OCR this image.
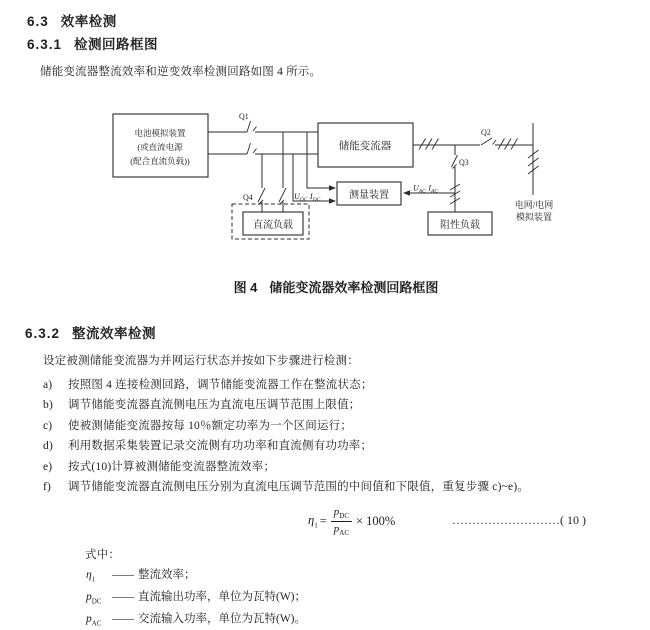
6.3 效率检测
6.3.1 检测回路框图
储能变流器整流效率和逆变效率检测回路如图 4 所示。
电池模拟装置
(或直流电源
(配合直流负载))
Q1
储能变流器
Q4
直流负载
测量装置
$U_{DC}$ $I_{DC}$
Q2
Q3
$U_{AC}$ $I_{AC}$
阻性负载
电网/电网
模拟装置
图 4 储能变流器效率检测回路框图
6.3.2 整流效率检测
设定被测储能变流器为并网运行状态并按如下步骤进行检测：
a) 按照图 4 连接检测回路，调节储能变流器工作在整流状态；
b) 调节储能变流器直流侧电压为直流电压调节范围上限值；
c) 使被测储能变流器按每 10％额定功率为一个区间运行；
d) 利用数据采集装置记录交流侧有功功率和直流侧有功功率；
e) 按式(10)计算被测储能变流器整流效率；
f) 调节储能变流器直流侧电压分别为直流电压调节范围的中间值和下限值，重复步骤 c)~e)。
$\eta_1 = \frac{p_{DC}}{p_{AC}} \times 100\%$	………………………( 10 )
式中：
$\eta_1$ —— 整流效率；
$p_{DC}$ —— 直流输出功率，单位为瓦特(W)；
$p_{AC}$ —— 交流输入功率，单位为瓦特(W)。
